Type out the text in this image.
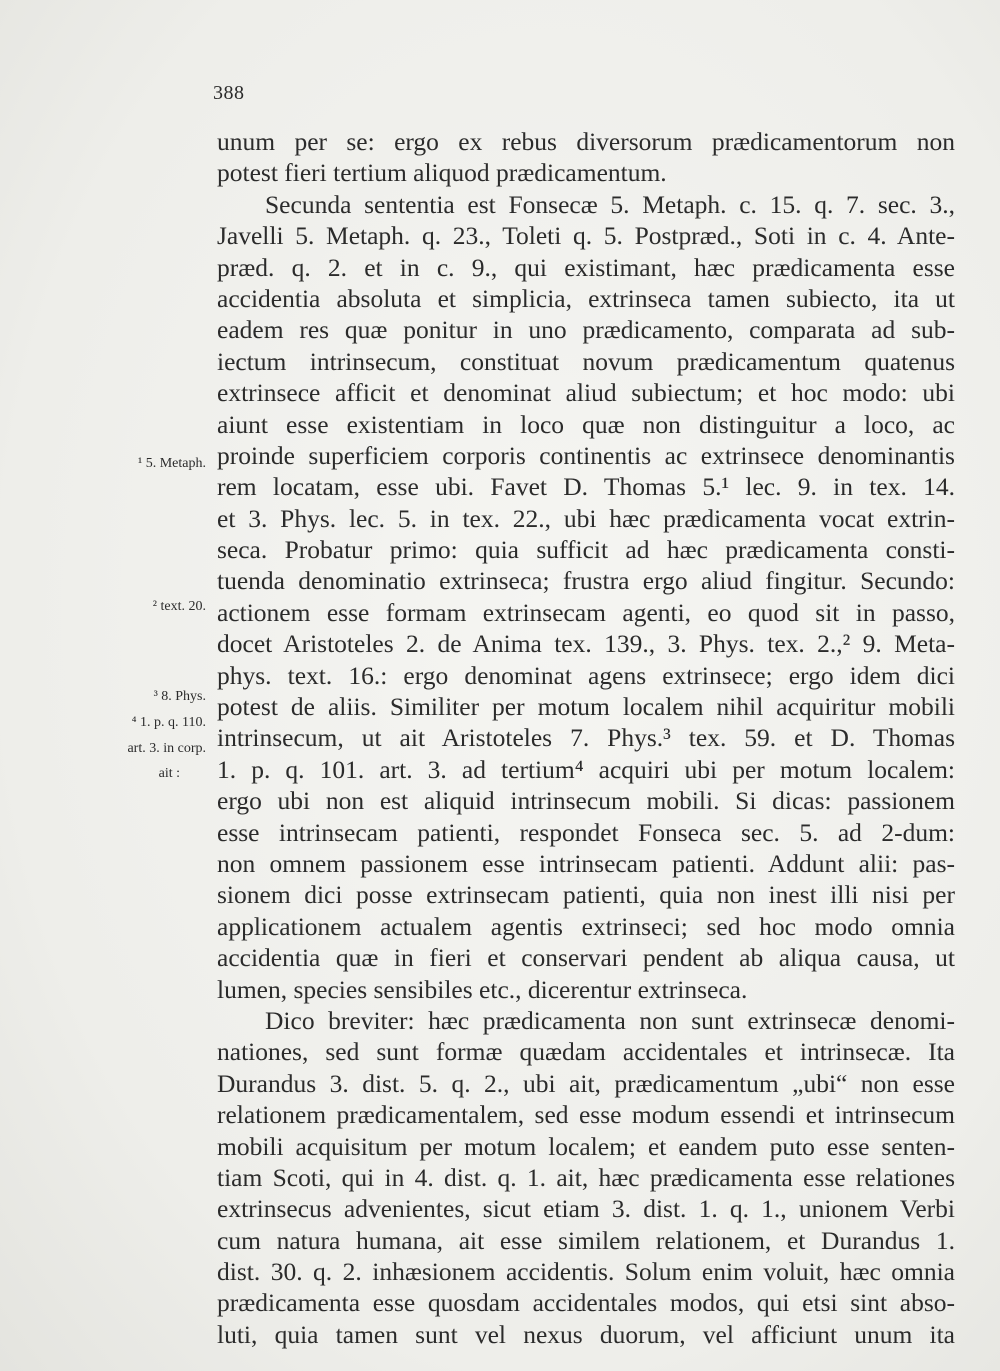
388
¹ 5. Metaph.
² text. 20.
³ 8. Phys.
⁴ 1. p. q. 110.
art. 3. in corp.
ait :
unum per se: ergo ex rebus diversorum prædicamentorum non
potest fieri tertium aliquod prædicamentum.
Secunda sententia est Fonsecæ 5. Metaph. c. 15. q. 7. sec. 3.,
Javelli 5. Metaph. q. 23., Toleti q. 5. Postpræd., Soti in c. 4. Ante-
præd. q. 2. et in c. 9., qui existimant, hæc prædicamenta esse
accidentia absoluta et simplicia, extrinseca tamen subiecto, ita ut
eadem res quæ ponitur in uno prædicamento, comparata ad sub-
iectum intrinsecum, constituat novum prædicamentum quatenus
extrinsece afficit et denominat aliud subiectum; et hoc modo: ubi
aiunt esse existentiam in loco quæ non distinguitur a loco, ac
proinde superficiem corporis continentis ac extrinsece denominantis
rem locatam, esse ubi. Favet D. Thomas 5.¹ lec. 9. in tex. 14.
et 3. Phys. lec. 5. in tex. 22., ubi hæc prædicamenta vocat extrin-
seca. Probatur primo: quia sufficit ad hæc prædicamenta consti-
tuenda denominatio extrinseca; frustra ergo aliud fingitur. Secundo:
actionem esse formam extrinsecam agenti, eo quod sit in passo,
docet Aristoteles 2. de Anima tex. 139., 3. Phys. tex. 2.,² 9. Meta-
phys. text. 16.: ergo denominat agens extrinsece; ergo idem dici
potest de aliis. Similiter per motum localem nihil acquiritur mobili
intrinsecum, ut ait Aristoteles 7. Phys.³ tex. 59. et D. Thomas
1. p. q. 101. art. 3. ad tertium⁴ acquiri ubi per motum localem:
ergo ubi non est aliquid intrinsecum mobili. Si dicas: passionem
esse intrinsecam patienti, respondet Fonseca sec. 5. ad 2-dum:
non omnem passionem esse intrinsecam patienti. Addunt alii: pas-
sionem dici posse extrinsecam patienti, quia non inest illi nisi per
applicationem actualem agentis extrinseci; sed hoc modo omnia
accidentia quæ in fieri et conservari pendent ab aliqua causa, ut
lumen, species sensibiles etc., dicerentur extrinseca.
Dico breviter: hæc prædicamenta non sunt extrinsecæ denomi-
nationes, sed sunt formæ quædam accidentales et intrinsecæ. Ita
Durandus 3. dist. 5. q. 2., ubi ait, prædicamentum „ubi“ non esse
relationem prædicamentalem, sed esse modum essendi et intrinsecum
mobili acquisitum per motum localem; et eandem puto esse senten-
tiam Scoti, qui in 4. dist. q. 1. ait, hæc prædicamenta esse relationes
extrinsecus advenientes, sicut etiam 3. dist. 1. q. 1., unionem Verbi
cum natura humana, ait esse similem relationem, et Durandus 1.
dist. 30. q. 2. inhæsionem accidentis. Solum enim voluit, hæc omnia
prædicamenta esse quosdam accidentales modos, qui etsi sint abso-
luti, quia tamen sunt vel nexus duorum, vel afficiunt unum ita
